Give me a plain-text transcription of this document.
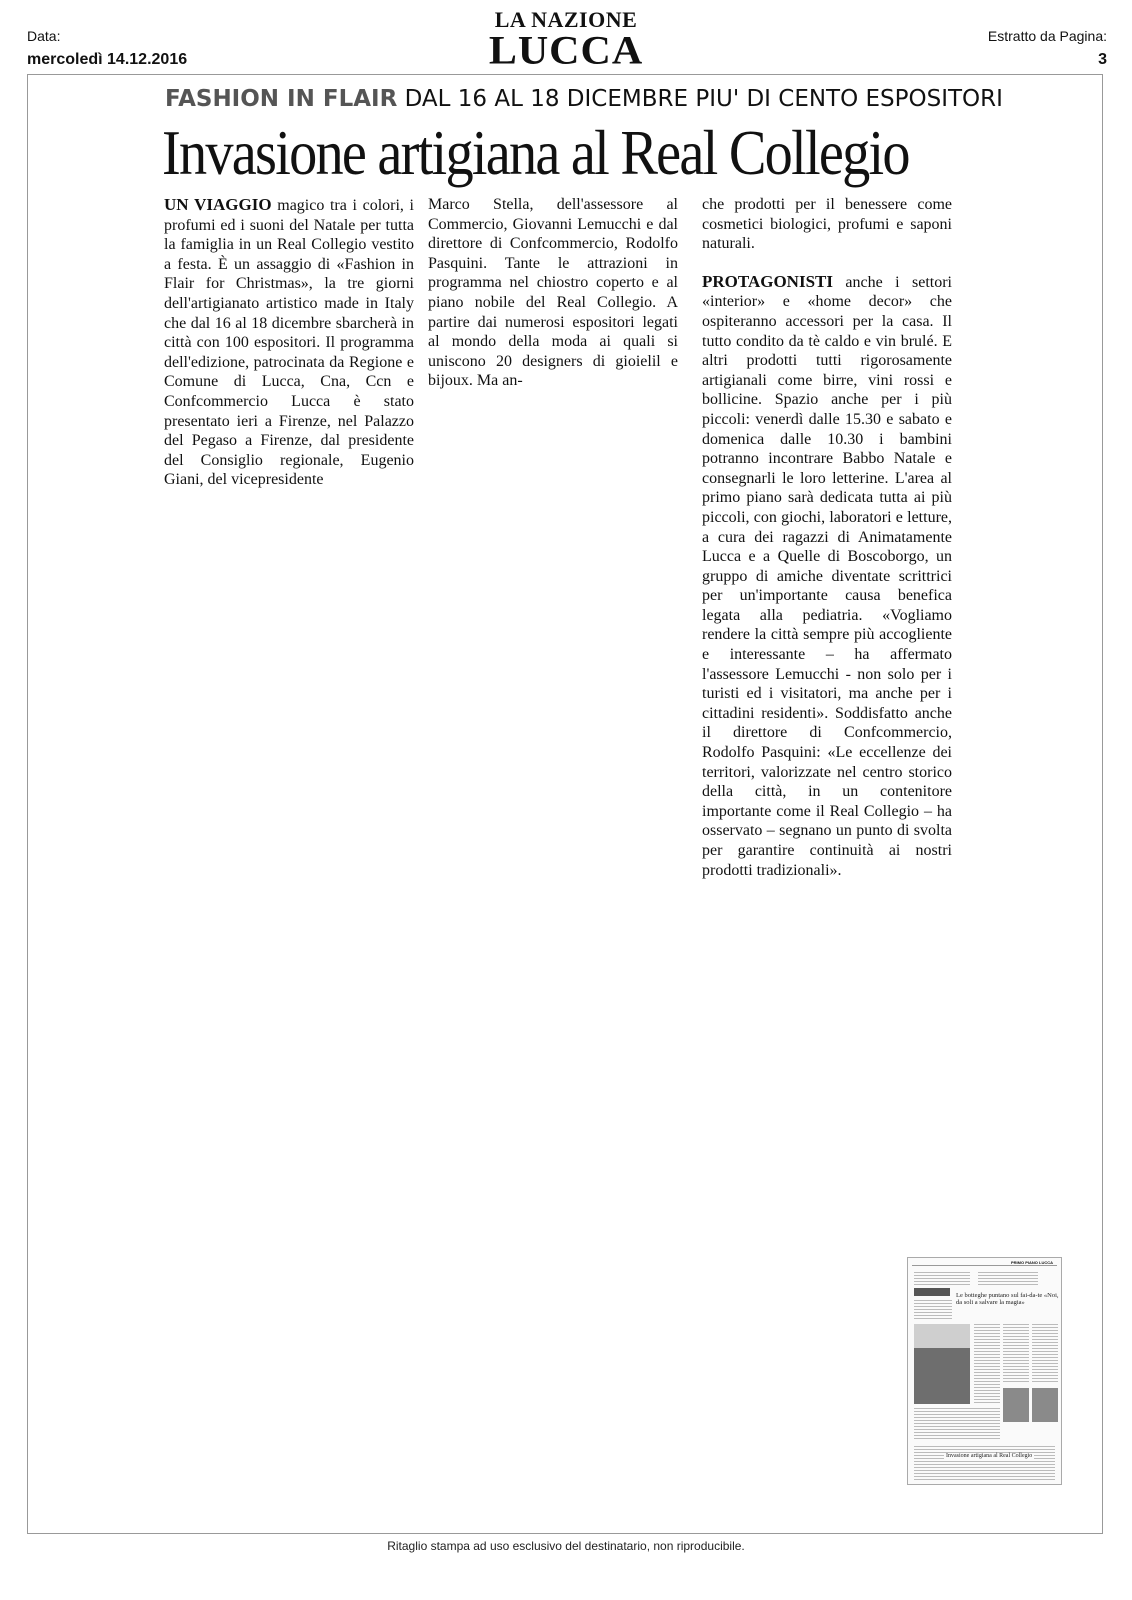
Data:
mercoledì 14.12.2016
Estratto da Pagina:
3
LA NAZIONE
LUCCA
FASHION IN FLAIR DAL 16 AL 18 DICEMBRE PIU' DI CENTO ESPOSITORI
Invasione artigiana al Real Collegio

UN VIAGGIO magico tra i colori, i profumi ed i suoni del Natale per tutta la famiglia in un Real Collegio vestito a festa. È un assaggio di «Fashion in Flair for Christmas», la tre giorni dell'artigianato artistico made in Italy che dal 16 al 18 dicembre sbarcherà in città con 100 espositori. Il programma dell'edizione, patrocinata da Regione e Comune di Lucca, Cna, Ccn e Confcommercio Lucca è stato presentato ieri a Firenze, nel Palazzo del Pegaso a Firenze, dal presidente del Consiglio regionale, Eugenio Giani, del vicepresidente

Marco Stella, dell'assessore al Commercio, Giovanni Lemucchi e dal direttore di Confcommercio, Rodolfo Pasquini. Tante le attrazioni in programma nel chiostro coperto e al piano nobile del Real Collegio. A partire dai numerosi espositori legati al mondo della moda ai quali si uniscono 20 designers di gioielil e bijoux. Ma an-

che prodotti per il benessere come cosmetici biologici, profumi e saponi naturali.

PROTAGONISTI anche i settori «interior» e «home decor» che ospiteranno accessori per la casa. Il tutto condito da tè caldo e vin brulé. E altri prodotti tutti rigorosamente artigianali come birre, vini rossi e bollicine. Spazio anche per i più piccoli: venerdì dalle 15.30 e sabato e domenica dalle 10.30 i bambini potranno incontrare Babbo Natale e consegnarli le loro letterine. L'area al primo piano sarà dedicata tutta ai più piccoli, con giochi, laboratori e letture, a cura dei ragazzi di Animatamente Lucca e a Quelle di Boscoborgo, un gruppo di amiche diventate scrittrici per un'importante causa benefica legata alla pediatria. «Vogliamo rendere la città sempre più accogliente e interessante – ha affermato l'assessore Lemucchi - non solo per i turisti ed i visitatori, ma anche per i cittadini residenti». Soddisfatto anche il direttore di Confcommercio, Rodolfo Pasquini: «Le eccellenze dei territori, valorizzate nel centro storico della città, in un contenitore importante come il Real Collegio – ha osservato – segnano un punto di svolta per garantire continuità ai nostri prodotti tradizionali».

PRIMO PIANO LUCCA
Le botteghe puntano sul fai-da-te «Noi, da soli a salvare la magia»
Invasione artigiana al Real Collegio
Ritaglio stampa ad uso esclusivo del destinatario, non riproducibile.
